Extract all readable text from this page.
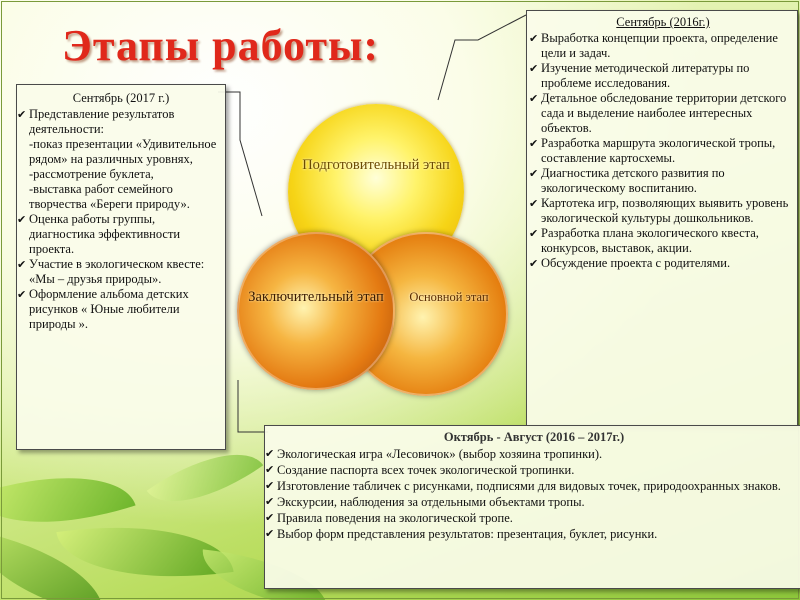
Этапы работы:
Подготовительный этап
Основной этап
Заключительный этап
Сентябрь (2017 г.)
✔ Представление результатов деятельности:
-показ презентации «Удивительное рядом» на различных уровнях,
-рассмотрение буклета,
-выставка работ семейного творчества «Береги природу».
✔ Оценка работы группы, диагностика эффективности проекта.
✔ Участие в экологическом квесте: «Мы – друзья природы».
✔ Оформление альбома детских рисунков « Юные любители природы ».
Сентябрь (2016г.)
✔ Выработка концепции проекта, определение цели и задач.
✔ Изучение методической литературы по проблеме исследования.
✔ Детальное обследование территории детского сада и выделение наиболее интересных объектов.
✔ Разработка маршрута экологической тропы, составление картосхемы.
✔ Диагностика детского развития по экологическому воспитанию.
✔ Картотека игр, позволяющих выявить уровень экологической культуры дошкольников.
✔ Разработка плана экологического квеста, конкурсов, выставок, акции.
✔ Обсуждение проекта с родителями.
Октябрь - Август (2016 – 2017г.)
✔ Экологическая игра «Лесовичок» (выбор хозяина тропинки).
✔ Создание паспорта всех точек экологической тропинки.
✔ Изготовление табличек с рисунками, подписями для видовых точек, природоохранных знаков.
✔ Экскурсии, наблюдения за отдельными объектами тропы.
✔ Правила поведения на экологической тропе.
✔ Выбор форм представления результатов: презентация, буклет, рисунки.
